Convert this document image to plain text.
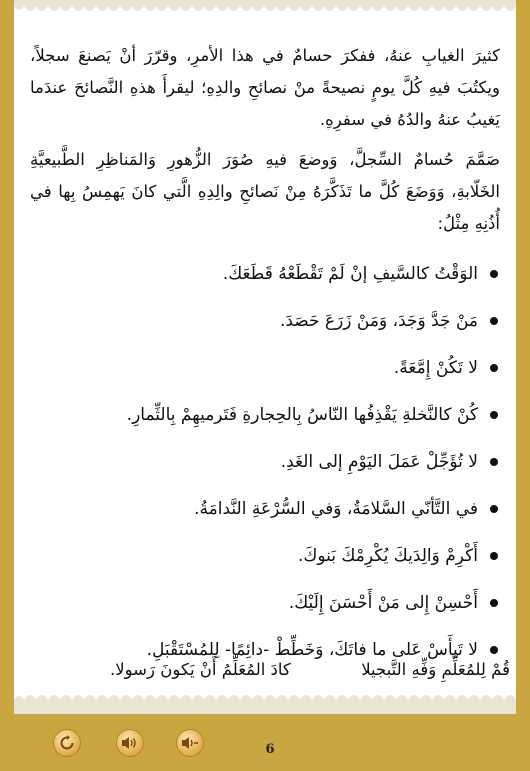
كثيرَ الغيابِ عنهُ، ففكرَ حسامٌ في هذا الأمرِ، وقرّرَ أنْ يَصنعَ سجلاً، ويكتُبَ فيهِ كُلَّ يومٍ نصيحةً منْ نصائحِ والدِهِ؛ ليقرأَ هذهِ النَّصائحَ عندَما يَغيبُ عنهُ والدُهُ في سفرِهِ.

صَمَّمَ حُسامٌ السِّجلَّ، وَوضعَ فيهِ صُوَرَ الزُّهورِ وَالمَناظِرِ الطَّبيعيَّةِ الخَلّابةِ، وَوَضَعَ كُلَّ ما تَذَكَّرَهُ مِنْ نَصائحِ والِدِهِ الَّتي كانَ يَهمِسُ بِها في أُذُنِهِ مِثْلُ:

الوَقْتُ كالسَّيفِ إنْ لَمْ تَقْطَعْهُ قَطَعَكَ.
مَنْ جَدَّ وَجَدَ، وَمَنْ زَرَعَ حَصَدَ.
لا تَكُنْ إِمَّعَةً.
كُنْ كالنَّخلةِ يَقْذِفُها النّاسُ بِالحِجارةِ فَتَرميهِمْ بِالثِّمارِ.
لا تُؤَجِّلْ عَمَلَ اليَوْمِ إلى الغَدِ.
في التَّأنّي السَّلامَةُ، وَفي السُّرْعَةِ النَّدامَةُ.
أَكْرِمْ وَالِدَيكَ يُكْرِمْكَ بَنوكَ.
أَحْسِنْ إِلى مَنْ أَحْسَنَ إِلَيْكَ.
لا تَيأَسْ عَلى ما فاتَكَ، وَخَطِّطْ -دائِمًا- لِلمُسْتَقْبَلِ.
قُمْ لِلمُعَلِّمِ وَفِّهِ التَّبجيلا
كادَ المُعَلِّمُ أَنْ يَكونَ رَسولا.
6
